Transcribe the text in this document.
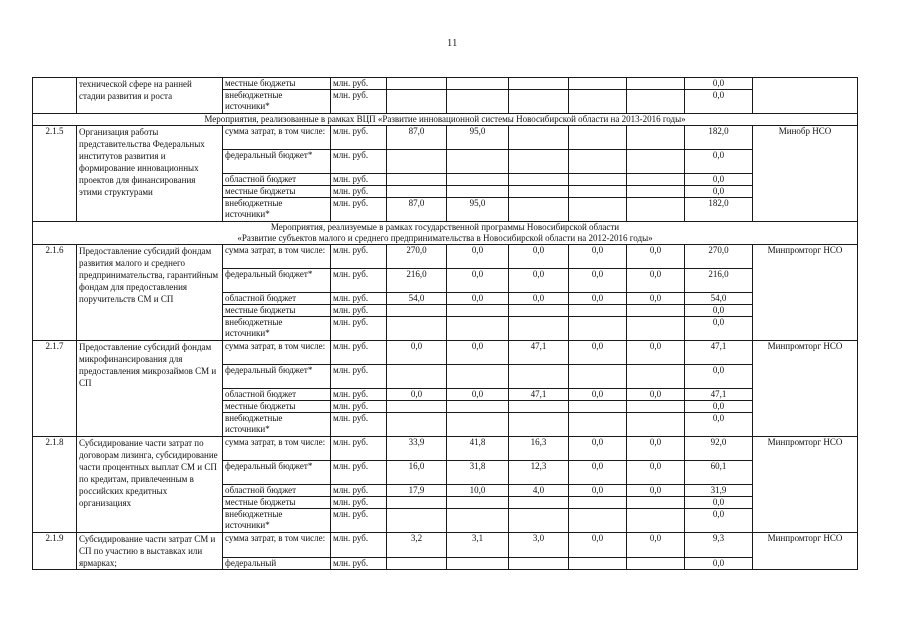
11
	технической сфере на ранней стадии развития и роста	местные бюджеты	млн. руб.						0,0	
		внебюджетные источники*	млн. руб.						0,0	
Мероприятия, реализованные в рамках ВЦП «Развитие инновационной системы Новосибирской области на 2013-2016 годы»										
2.1.5	Организация работы представительства Федеральных институтов развития и формирование инновационных проектов для финансирования этими структурами	сумма затрат, в том числе:	млн. руб.	87,0	95,0				182,0	Минобр НСО
		федеральный бюджет*	млн. руб.						0,0	
		областной бюджет	млн. руб.						0,0	
		местные бюджеты	млн. руб.						0,0	
		внебюджетные источники*	млн. руб.	87,0	95,0				182,0	

Мероприятия, реализуемые в рамках государственной программы Новосибирской области
«Развитие субъектов малого и среднего предпринимательства в Новосибирской области на 2012-2016 годы»										

2.1.6	Предоставление субсидий фондам развития малого и среднего предпринимательства, гарантийным фондам для предоставления поручительств СМ и СП	сумма затрат, в том числе:	млн. руб.	270,0	0,0	0,0	0,0	0,0	270,0	Минпромторг НСО
		федеральный бюджет*	млн. руб.	216,0	0,0	0,0	0,0	0,0	216,0	
		областной бюджет	млн. руб.	54,0	0,0	0,0	0,0	0,0	54,0	
		местные бюджеты	млн. руб.						0,0	
		внебюджетные источники*	млн. руб.						0,0	
2.1.7	Предоставление субсидий фондам микрофинансирования для предоставления микрозаймов СМ и СП	сумма затрат, в том числе:	млн. руб.	0,0	0,0	47,1	0,0	0,0	47,1	Минпромторг НСО
		федеральный бюджет*	млн. руб.						0,0	
		областной бюджет	млн. руб.	0,0	0,0	47,1	0,0	0,0	47,1	
		местные бюджеты	млн. руб.						0,0	
		внебюджетные источники*	млн. руб.						0,0	
2.1.8	Субсидирование части затрат по договорам лизинга, субсидирование части процентных выплат СМ и СП по кредитам, привлеченным в российских кредитных организациях	сумма затрат, в том числе:	млн. руб.	33,9	41,8	16,3	0,0	0,0	92,0	Минпромторг НСО
		федеральный бюджет*	млн. руб.	16,0	31,8	12,3	0,0	0,0	60,1	
		областной бюджет	млн. руб.	17,9	10,0	4,0	0,0	0,0	31,9	
		местные бюджеты	млн. руб.						0,0	
		внебюджетные источники*	млн. руб.						0,0	
2.1.9	Субсидирование части затрат СМ и СП по участию в выставках или ярмарках;	сумма затрат, в том числе:	млн. руб.	3,2	3,1	3,0	0,0	0,0	9,3	Минпромторг НСО
		федеральный	млн. руб.						0,0	
